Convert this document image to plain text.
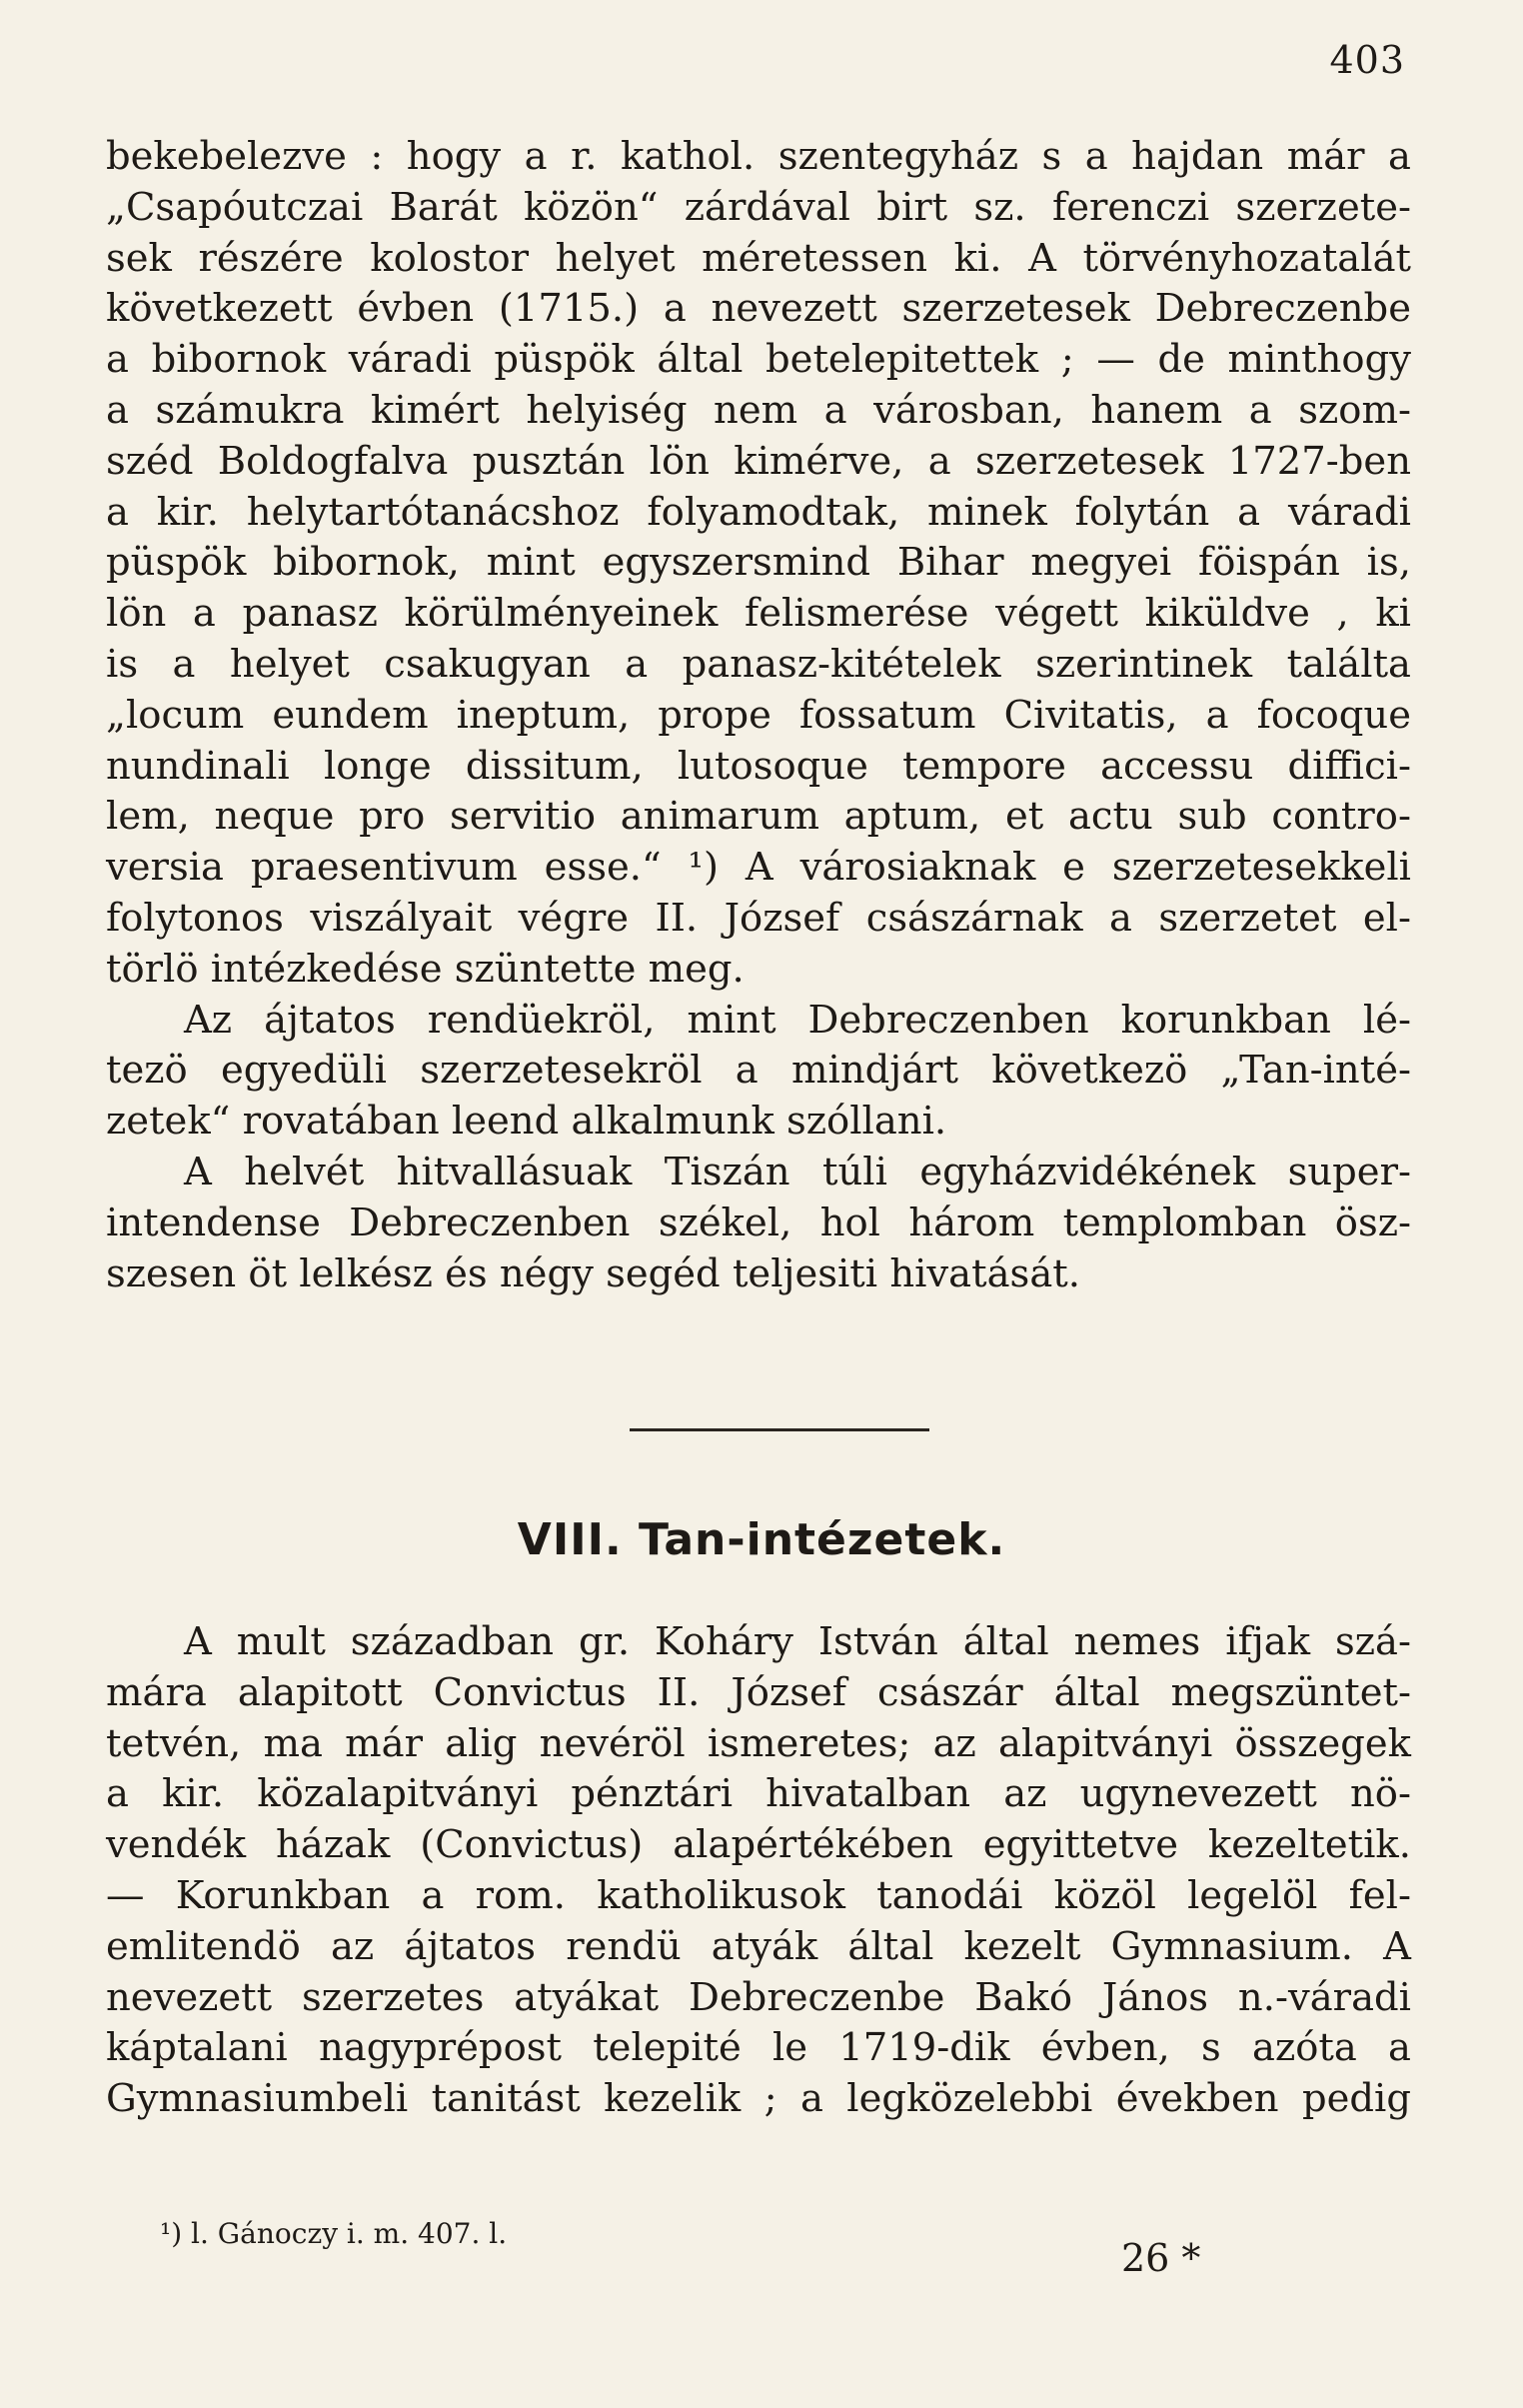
403
bekebelezve : hogy a r. kathol. szentegyház s a hajdan már a
„Csapóutczai Barát közön“ zárdával birt sz. ferenczi szerzete-
sek részére kolostor helyet méretessen ki. A törvényhozatalát
következett évben (1715.) a nevezett szerzetesek Debreczenbe
a bibornok váradi püspök által betelepitettek ; — de minthogy
a számukra kimért helyiség nem a városban, hanem a szom-
széd Boldogfalva pusztán lön kimérve, a szerzetesek 1727-ben
a kir. helytartótanácshoz folyamodtak, minek folytán a váradi
püspök bibornok, mint egyszersmind Bihar megyei föispán is,
lön a panasz körülményeinek felismerése végett kiküldve , ki
is a helyet csakugyan a panasz-kitételek szerintinek találta
„locum eundem ineptum, prope fossatum Civitatis, a focoque
nundinali longe dissitum, lutosoque tempore accessu diffici-
lem, neque pro servitio animarum aptum, et actu sub contro-
versia praesentivum esse.“ ¹) A városiaknak e szerzetesekkeli
folytonos viszályait végre II. József császárnak a szerzetet el-
törlö intézkedése szüntette meg.
Az ájtatos rendüekröl, mint Debreczenben korunkban lé-
tezö egyedüli szerzetesekröl a mindjárt következö „Tan-inté-
zetek“ rovatában leend alkalmunk szóllani.
A helvét hitvallásuak Tiszán túli egyházvidékének super-
intendense Debreczenben székel, hol három templomban ösz-
szesen öt lelkész és négy segéd teljesiti hivatását.
VIII. Tan-intézetek.
A mult században gr. Koháry István által nemes ifjak szá-
mára alapitott Convictus II. József császár által megszüntet-
tetvén, ma már alig nevéröl ismeretes; az alapitványi összegek
a kir. közalapitványi pénztári hivatalban az ugynevezett nö-
vendék házak (Convictus) alapértékében egyittetve kezeltetik.
— Korunkban a rom. katholikusok tanodái közöl legelöl fel-
emlitendö az ájtatos rendü atyák által kezelt Gymnasium. A
nevezett szerzetes atyákat Debreczenbe Bakó János n.-váradi
káptalani nagyprépost telepité le 1719-dik évben, s azóta a
Gymnasiumbeli tanitást kezelik ; a legközelebbi években pedig
¹) l. Gánoczy i. m. 407. l.
26 *
